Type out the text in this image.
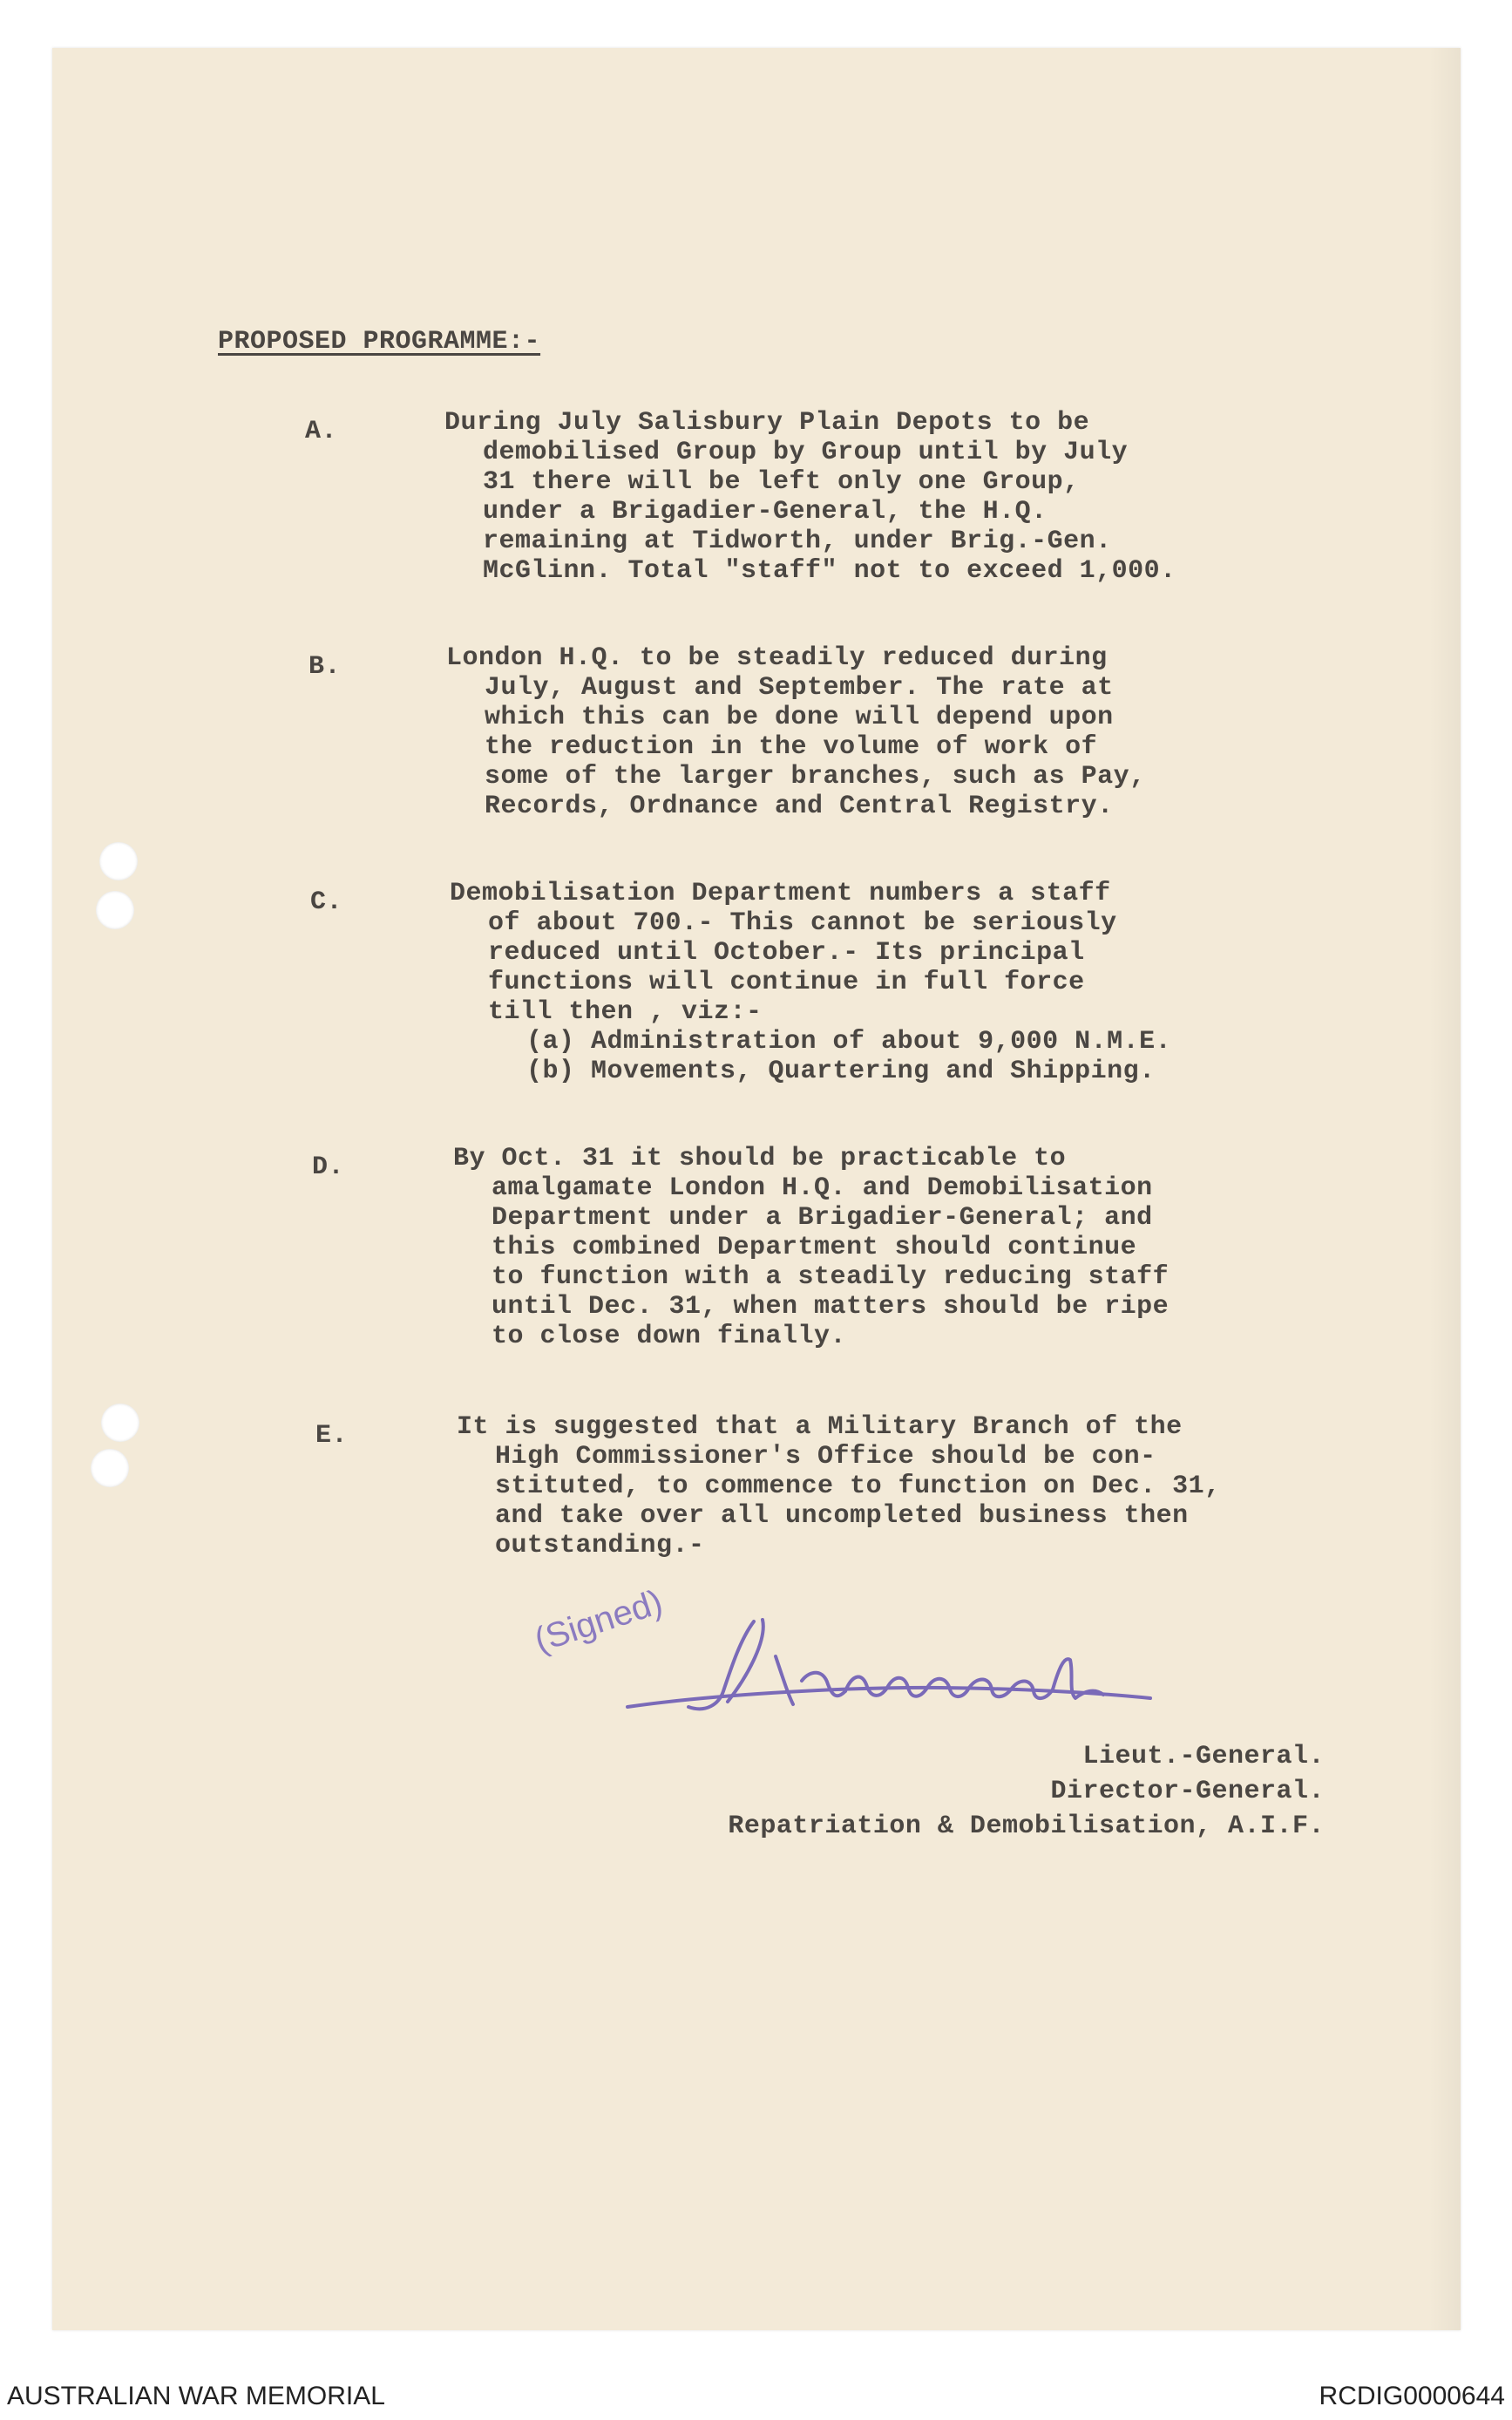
PROPOSED PROGRAMME:-
A.	During July Salisbury Plain Depots to be
demobilised Group by Group until by July
31 there will be left only one Group,
under a Brigadier-General, the H.Q.
remaining at Tidworth, under Brig.-Gen.
McGlinn. Total "staff" not to exceed 1,000.
B.	London H.Q. to be steadily reduced during
July, August and September. The rate at
which this can be done will depend upon
the reduction in the volume of work of
some of the larger branches, such as Pay,
Records, Ordnance and Central Registry.
C.	Demobilisation Department numbers a staff
of about 700.- This cannot be seriously
reduced until October.- Its principal
functions will continue in full force
till then , viz:-
(a) Administration of about 9,000 N.M.E.
(b) Movements, Quartering and Shipping.
D.	By Oct. 31 it should be practicable to
amalgamate London H.Q. and Demobilisation
Department under a Brigadier-General; and
this combined Department should continue
to function with a steadily reducing staff
until Dec. 31, when matters should be ripe
to close down finally.
E.	It is suggested that a Military Branch of the
High Commissioner's Office should be con-
stituted, to commence to function on Dec. 31,
and take over all uncompleted business then
outstanding.-
(Signed)
Lieut.-General.
Director-General.
Repatriation & Demobilisation, A.I.F.
AUSTRALIAN WAR MEMORIAL	RCDIG0000644
